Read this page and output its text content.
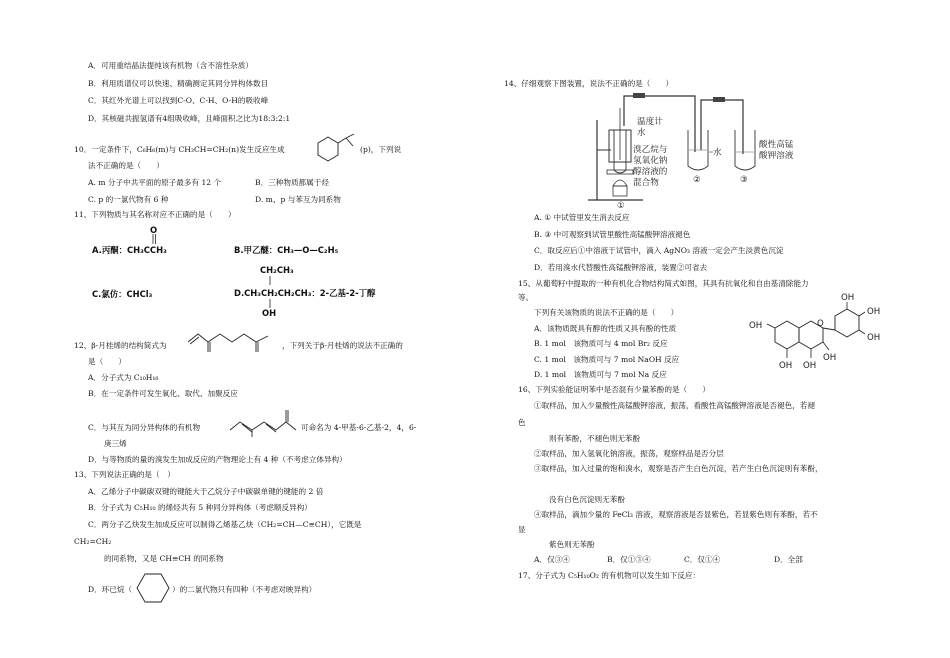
A．可用重结晶法提纯该有机物（含不溶性杂质）
B．利用质谱仪可以快速、精确测定其同分异构体数目
C．其红外光谱上可以找到C-O、C-H、O-H的吸收峰
D．其核磁共振氢谱有4组吸收峰，且峰面积之比为18:3:2:1
10．一定条件下，C₆H₆(m)与 CH₃CH=CH₂(n)发生反应生成	(p)，下列说
法不正确的是（　　）
A. m 分子中共平面的原子最多有 12 个	B．三种物质都属于烃
C. p 的一氯代物有 6 种	D. m、p 与苯互为同系物
11、下列物质与其名称对应不正确的是（　　）
O
A.丙酮：CH₃CCH₃	B.甲乙醚：CH₃—O—C₂H₅
CH₂CH₃
C.氯仿：CHCl₃	D.CH₃CH₂CH₂CH₃：2-乙基-2-丁醇
OH
12、β-月桂烯的结构简式为	，下列关于β-月桂烯的说法不正确的
是（　　）
A．分子式为 C₁₀H₁₆
B．在一定条件可发生氧化、取代、加聚反应
C．与其互为同分异构体的有机物	可命名为 4-甲基-6-乙基-2，4，6-
庚三烯
D．与等物质的量的溴发生加成反应的产物理论上有 4 种（不考虑立体异构）
13、下列说法正确的是（　）
A．乙烯分子中碳碳双键的键能大于乙烷分子中碳碳单键的键能的 2 倍
B．分子式为 C₅H₁₀ 的烯烃共有 5 种同分异构体（考虑顺反异构）
C．两分子乙炔发生加成反应可以制得乙烯基乙炔（CH₂=CH—C≡CH），它既是
CH₂=CH₂
的同系物，又是 CH≡CH 的同系物
D．环已烷（	）的二氯代物只有四种（不考虑对映异构）
14、仔细观察下图装置，说法不正确的是（　　）
温度计
水
溴乙烷与
氢氧化钠
醇溶液的
混合物
水
酸性高锰
酸钾溶液
①
②	③
A. ① 中试管里发生消去反应
B. ③ 中可观察到试管里酸性高锰酸钾溶液褪色
C．取反应后①中溶液于试管中，滴入 AgNO₃ 溶液一定会产生淡黄色沉淀
D．若用溴水代替酸性高锰酸钾溶液，装置②可省去
15、从葡萄籽中提取的一种有机化合物结构简式如图，其具有抗氧化和自由基清除能力
等。
下列有关该物质的说法不正确的是（　　）
A．该物质既具有醇的性质又具有酚的性质
B. 1 mol　该物质可与 4 mol Br₂ 反应
C. 1 mol　该物质可与 7 mol NaOH 反应
D. 1 mol　该物质可与 7 mol Na 反应
OH
OH OH
OH
OH
OH
OH
O
16、下列实验能证明苯中是否混有少量苯酚的是（　　）
①取样品，加入少量酸性高锰酸钾溶液，振荡，看酸性高锰酸钾溶液是否褪色，若褪
色
则有苯酚，不褪色则无苯酚
②取样品，加入氢氧化钠溶液，振荡，观察样品是否分层
③取样品，加入过量的饱和溴水，观察是否产生白色沉淀，若产生白色沉淀则有苯酚，
没有白色沉淀则无苯酚
④取样品，滴加少量的 FeCl₃ 溶液，观察溶液是否显紫色，若显紫色则有苯酚，若不
显
紫色则无苯酚
A．仅③④	B．仅①③④	C．仅①④	D．全部
17、分子式为 C₅H₁₀O₂ 的有机物可以发生如下反应：
